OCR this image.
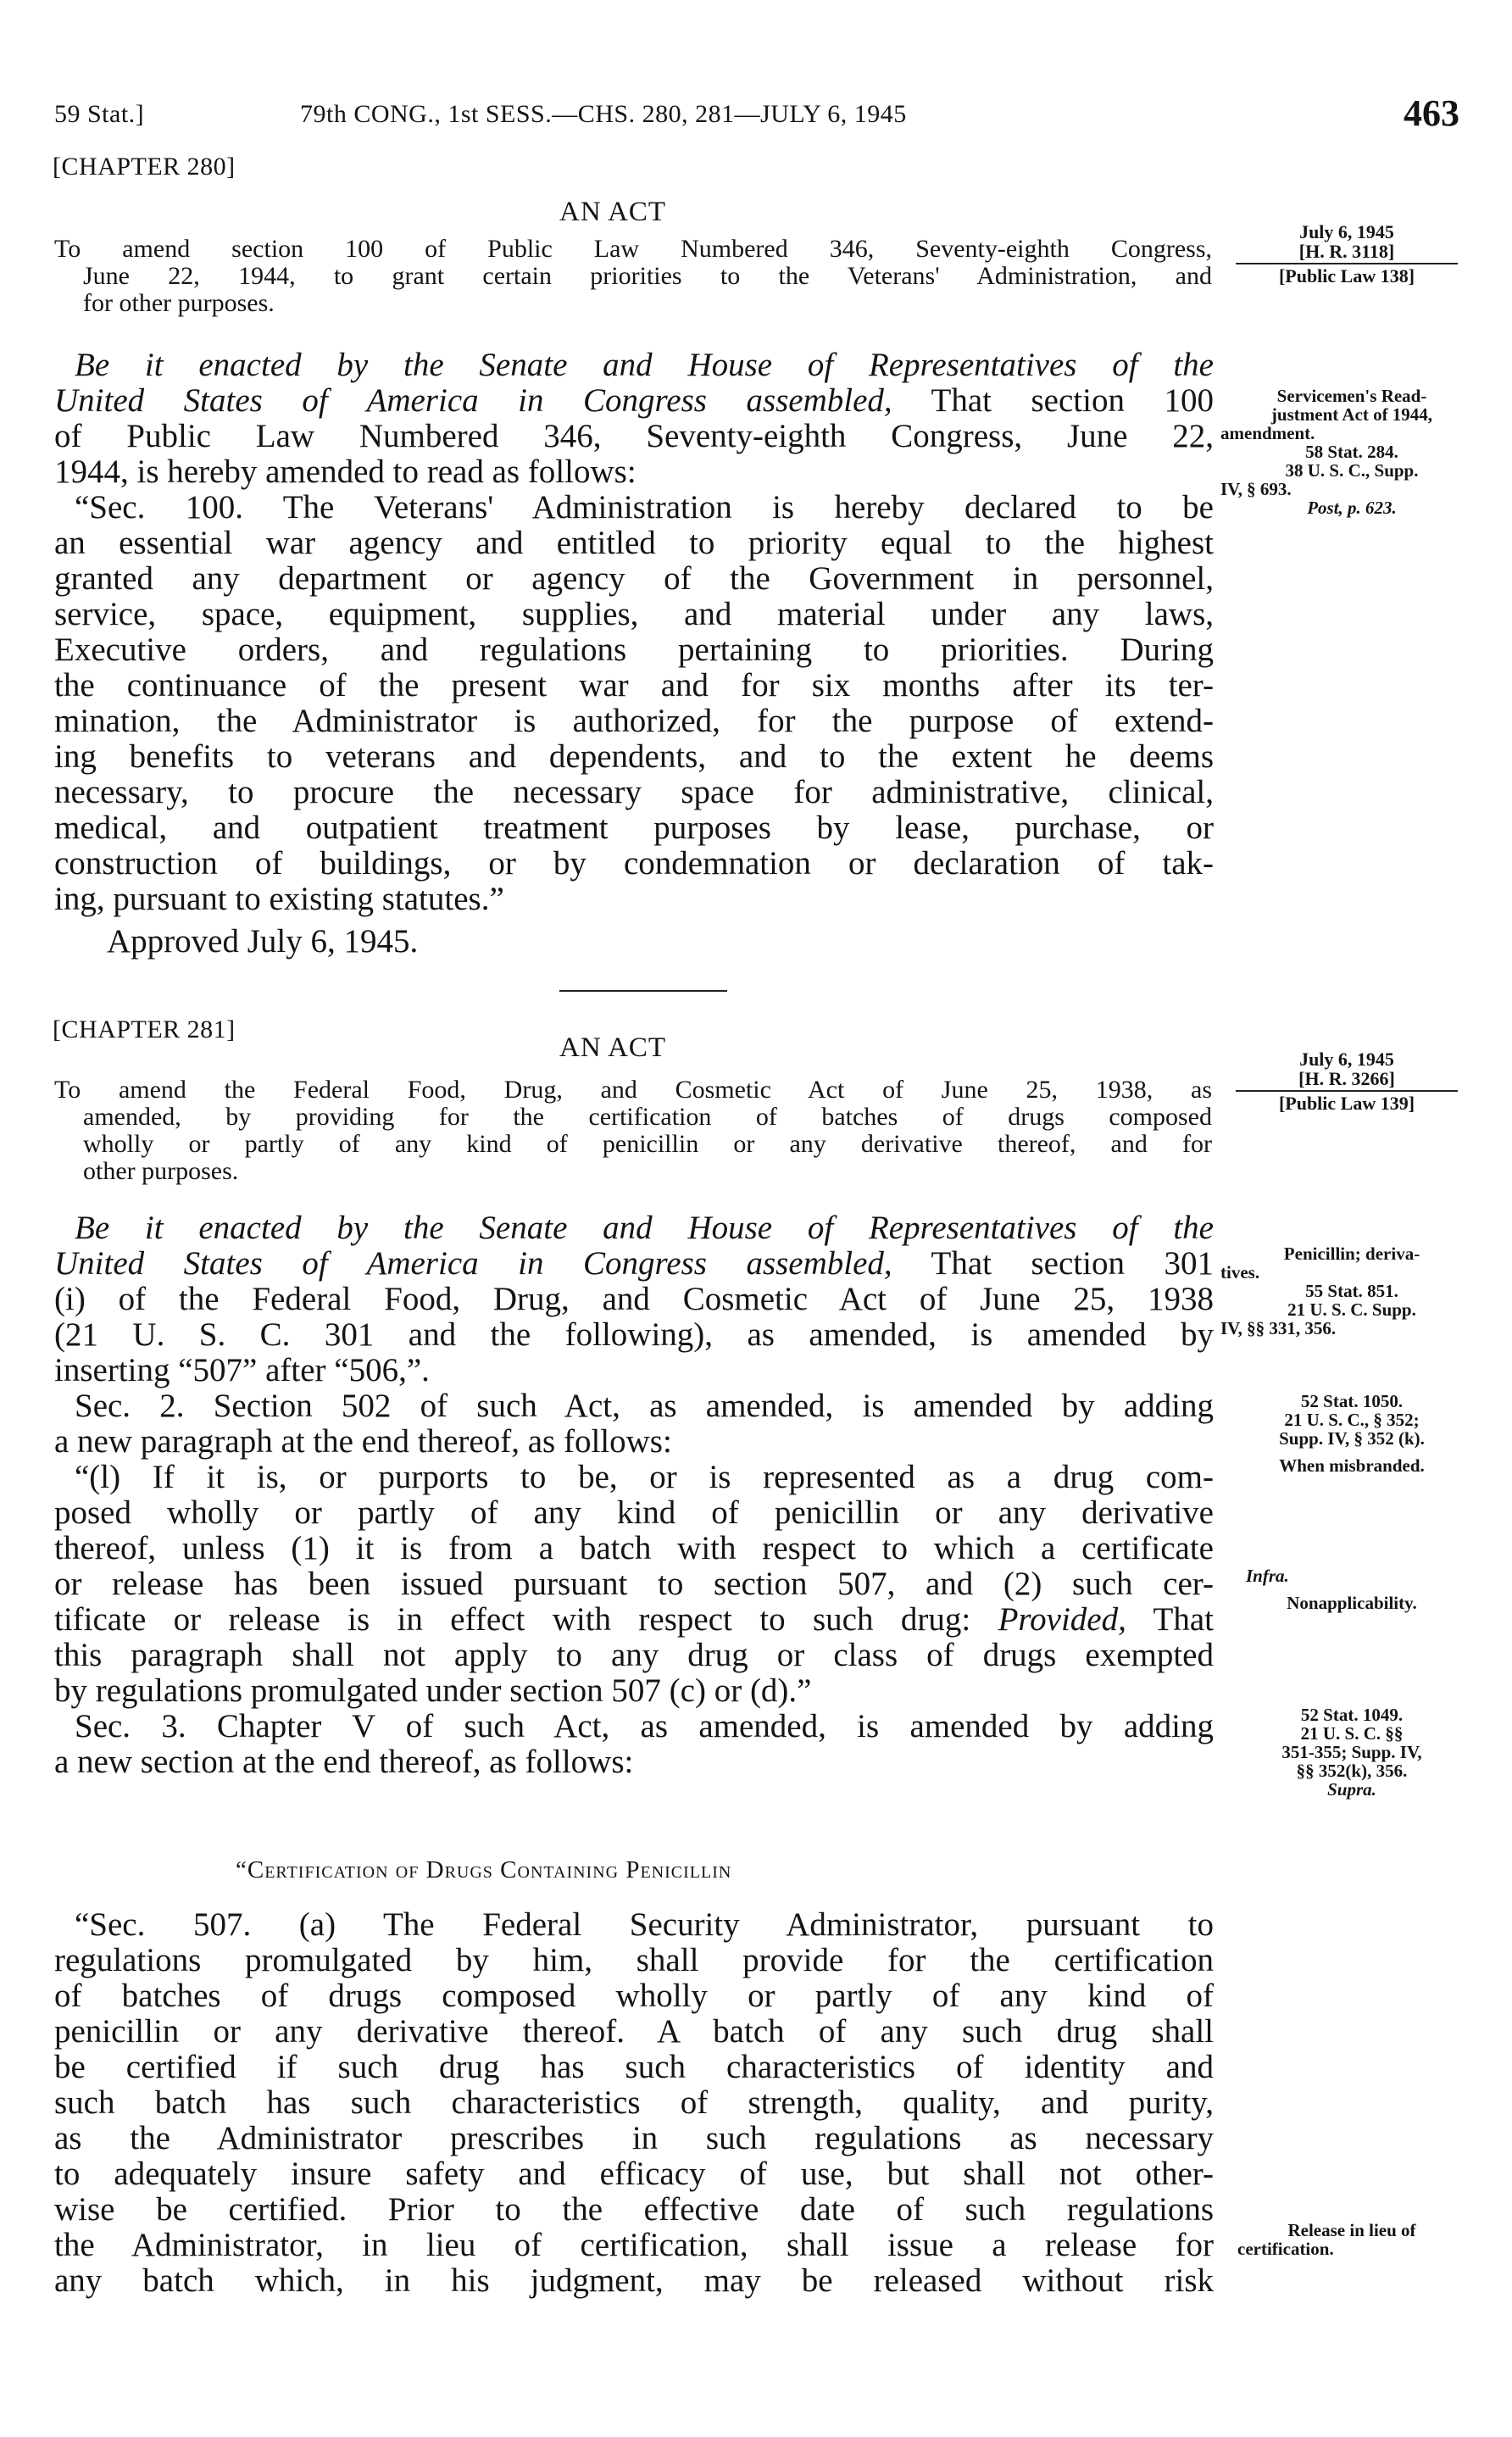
59 Stat.]	79th CONG., 1st SESS.—CHS. 280, 281—JULY 6, 1945	463
[CHAPTER 280]
AN ACT
To amend section 100 of Public Law Numbered 346, Seventy-eighth Congress,
June 22, 1944, to grant certain priorities to the Veterans' Administration, and
for other purposes.
July 6, 1945
[H. R. 3118]
[Public Law 138]
Be it enacted by the Senate and House of Representatives of the
United States of America in Congress assembled, That section 100
of Public Law Numbered 346, Seventy-eighth Congress, June 22,
1944, is hereby amended to read as follows:
“Sec. 100. The Veterans' Administration is hereby declared to be
an essential war agency and entitled to priority equal to the highest
granted any department or agency of the Government in personnel,
service, space, equipment, supplies, and material under any laws,
Executive orders, and regulations pertaining to priorities. During
the continuance of the present war and for six months after its ter-
mination, the Administrator is authorized, for the purpose of extend-
ing benefits to veterans and dependents, and to the extent he deems
necessary, to procure the necessary space for administrative, clinical,
medical, and outpatient treatment purposes by lease, purchase, or
construction of buildings, or by condemnation or declaration of tak-
ing, pursuant to existing statutes.”
Approved July 6, 1945.
Servicemen's Read-
justment Act of 1944,
amendment.
58 Stat. 284.
38 U. S. C., Supp.
IV, § 693.
Post, p. 623.
[CHAPTER 281]
AN ACT
To amend the Federal Food, Drug, and Cosmetic Act of June 25, 1938, as
amended, by providing for the certification of batches of drugs composed
wholly or partly of any kind of penicillin or any derivative thereof, and for
other purposes.
July 6, 1945
[H. R. 3266]
[Public Law 139]
Be it enacted by the Senate and House of Representatives of the
United States of America in Congress assembled, That section 301
(i) of the Federal Food, Drug, and Cosmetic Act of June 25, 1938
(21 U. S. C. 301 and the following), as amended, is amended by
inserting “507” after “506,”.
Sec. 2. Section 502 of such Act, as amended, is amended by adding
a new paragraph at the end thereof, as follows:
“(l) If it is, or purports to be, or is represented as a drug com-
posed wholly or partly of any kind of penicillin or any derivative
thereof, unless (1) it is from a batch with respect to which a certificate
or release has been issued pursuant to section 507, and (2) such cer-
tificate or release is in effect with respect to such drug: Provided, That
this paragraph shall not apply to any drug or class of drugs exempted
by regulations promulgated under section 507 (c) or (d).”
Sec. 3. Chapter V of such Act, as amended, is amended by adding
a new section at the end thereof, as follows:
“Certification of Drugs Containing Penicillin
“Sec. 507. (a) The Federal Security Administrator, pursuant to
regulations promulgated by him, shall provide for the certification
of batches of drugs composed wholly or partly of any kind of
penicillin or any derivative thereof. A batch of any such drug shall
be certified if such drug has such characteristics of identity and
such batch has such characteristics of strength, quality, and purity,
as the Administrator prescribes in such regulations as necessary
to adequately insure safety and efficacy of use, but shall not other-
wise be certified. Prior to the effective date of such regulations
the Administrator, in lieu of certification, shall issue a release for
any batch which, in his judgment, may be released without risk
Penicillin; deriva-
tives.
55 Stat. 851.
21 U. S. C. Supp.
IV, §§ 331, 356.
52 Stat. 1050.
21 U. S. C., § 352;
Supp. IV, § 352 (k).
When misbranded.
Infra.
Nonapplicability.
52 Stat. 1049.
21 U. S. C. §§
351-355; Supp. IV,
§§ 352(k), 356.
Supra.
Release in lieu of
certification.
